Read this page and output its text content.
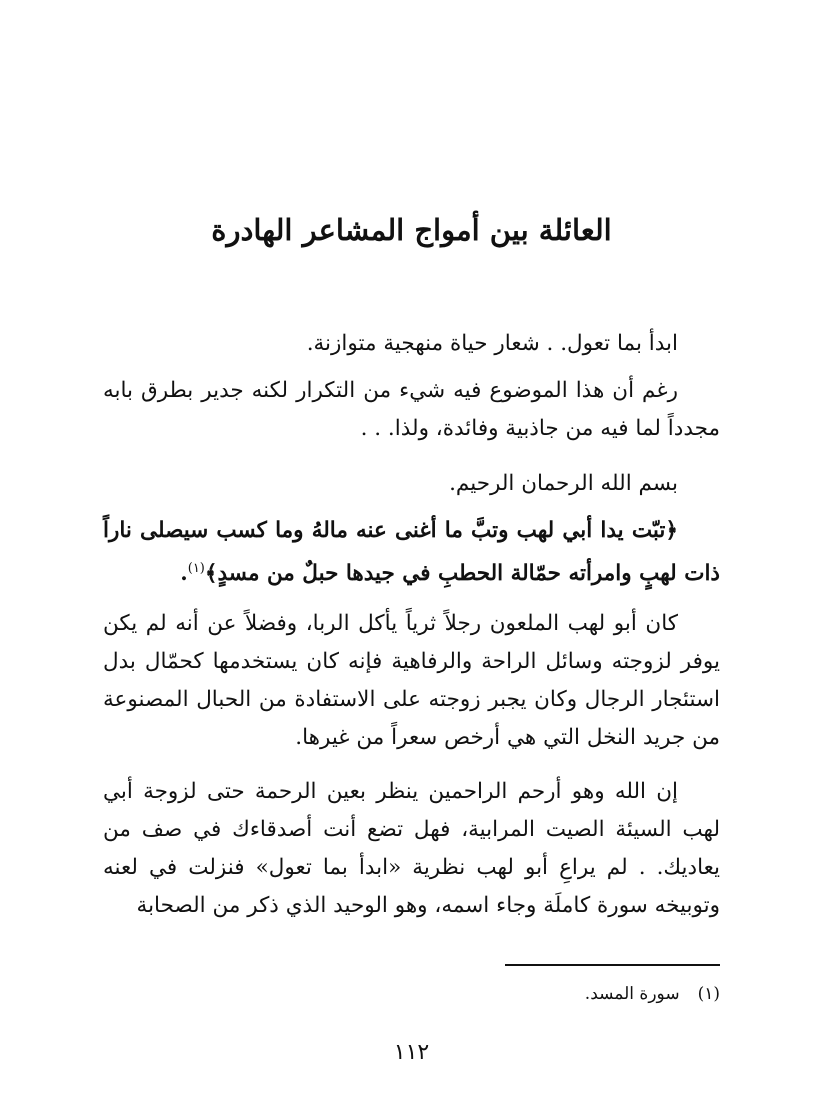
العائلة بين أمواج المشاعر الهادرة

ابدأ بما تعول. . شعار حياة منهجية متوازنة.

رغم أن هذا الموضوع فيه شيء من التكرار لكنه جدير بطرق بابه مجدداً لما فيه من جاذبية وفائدة، ولذا. . .

بسم الله الرحمان الرحيم.

﴿تبّت يدا أبي لهب وتبَّ ما أغنى عنه مالهُ وما كسب سيصلى ناراً ذات لهبٍ وامرأته حمّالة الحطبِ في جيدها حبلٌ من مسدٍ﴾$^{(١)}$.

كان أبو لهب الملعون رجلاً ثرياً يأكل الربا، وفضلاً عن أنه لم يكن يوفر لزوجته وسائل الراحة والرفاهية فإنه كان يستخدمها كحمّال بدل استئجار الرجال وكان يجبر زوجته على الاستفادة من الحبال المصنوعة من جريد النخل التي هي أرخص سعراً من غيرها.

إن الله وهو أرحم الراحمين ينظر بعين الرحمة حتى لزوجة أبي لهب السيئة الصيت المرابية، فهل تضع أنت أصدقاءك في صف من يعاديك. . لم يراعِ أبو لهب نظرية «ابدأ بما تعول» فنزلت في لعنه وتوبيخه سورة كاملَة وجاء اسمه، وهو الوحيد الذي ذكر من الصحابة

(١)سورة المسد.

١١٢
